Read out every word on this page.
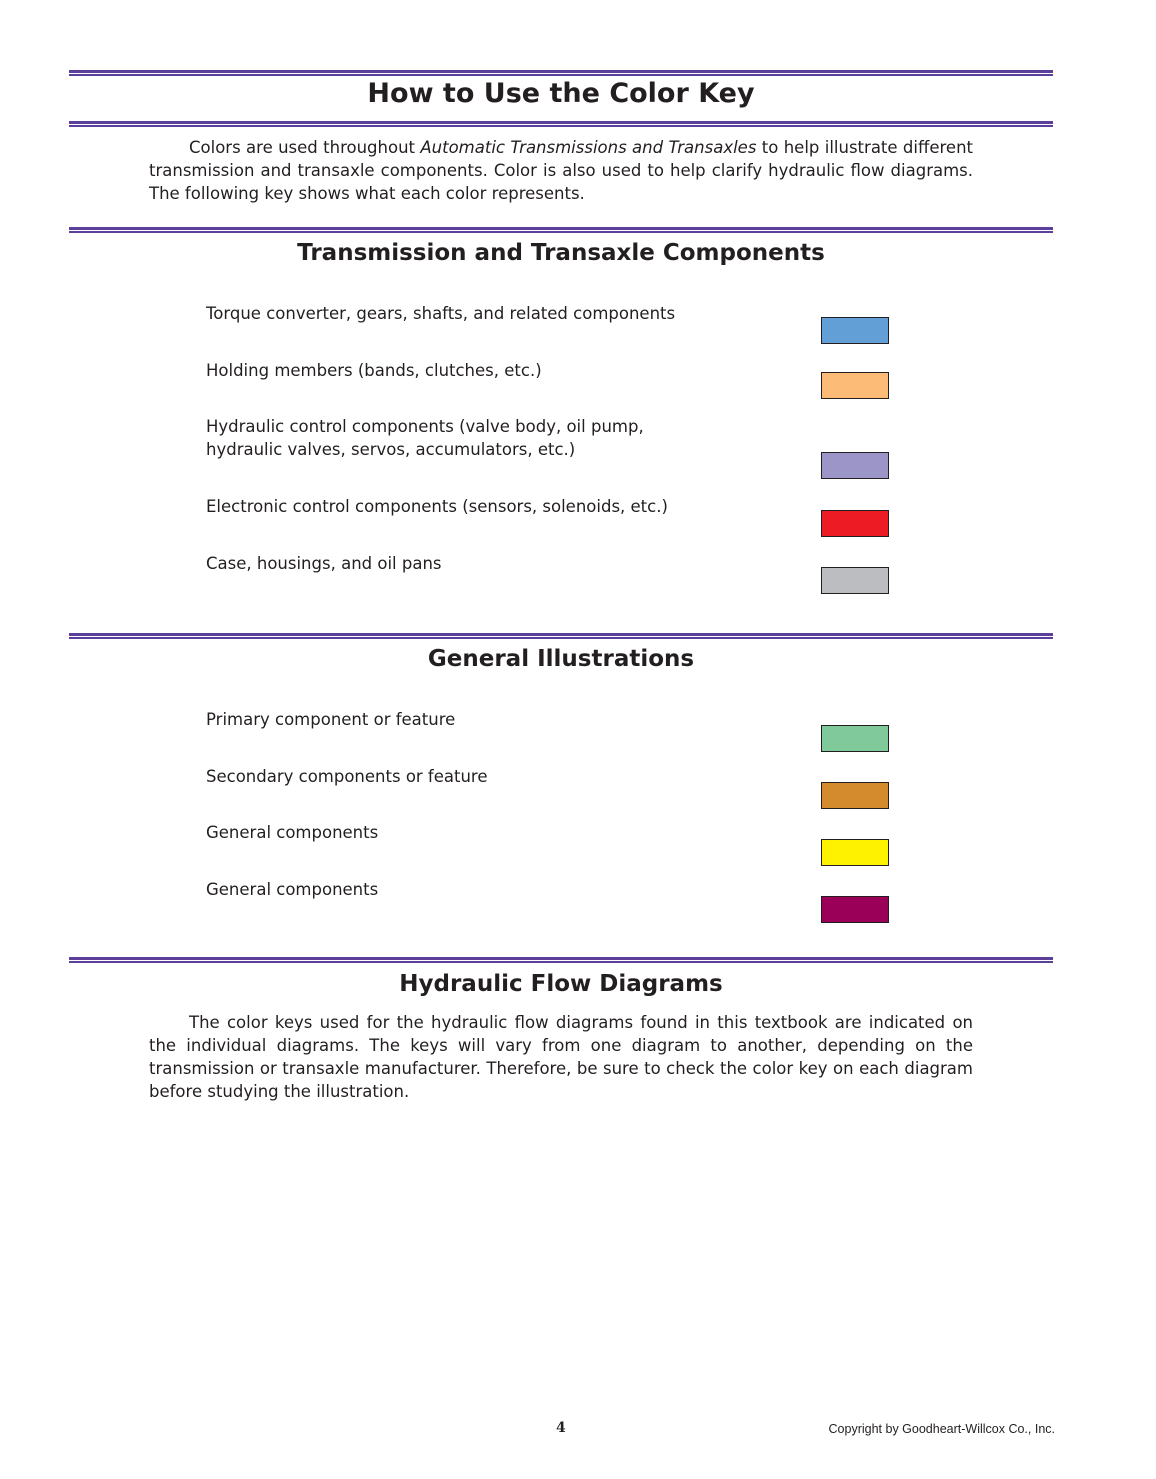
How to Use the Color Key
Colors are used throughout Automatic Transmissions and Transaxles to help illustrate different transmission and transaxle components. Color is also used to help clarify hydraulic flow diagrams. The following key shows what each color represents.
Transmission and Transaxle Components
Torque converter, gears, shafts, and related components
Holding members (bands, clutches, etc.)
Hydraulic control components (valve body, oil pump, hydraulic valves, servos, accumulators, etc.)
Electronic control components (sensors, solenoids, etc.)
Case, housings, and oil pans
General Illustrations
Primary component or feature
Secondary components or feature
General components
General components
Hydraulic Flow Diagrams
The color keys used for the hydraulic flow diagrams found in this textbook are indicated on the individual diagrams. The keys will vary from one diagram to another, depending on the transmission or transaxle manufacturer. Therefore, be sure to check the color key on each diagram before studying the illustration.
4	Copyright by Goodheart-Willcox Co., Inc.
